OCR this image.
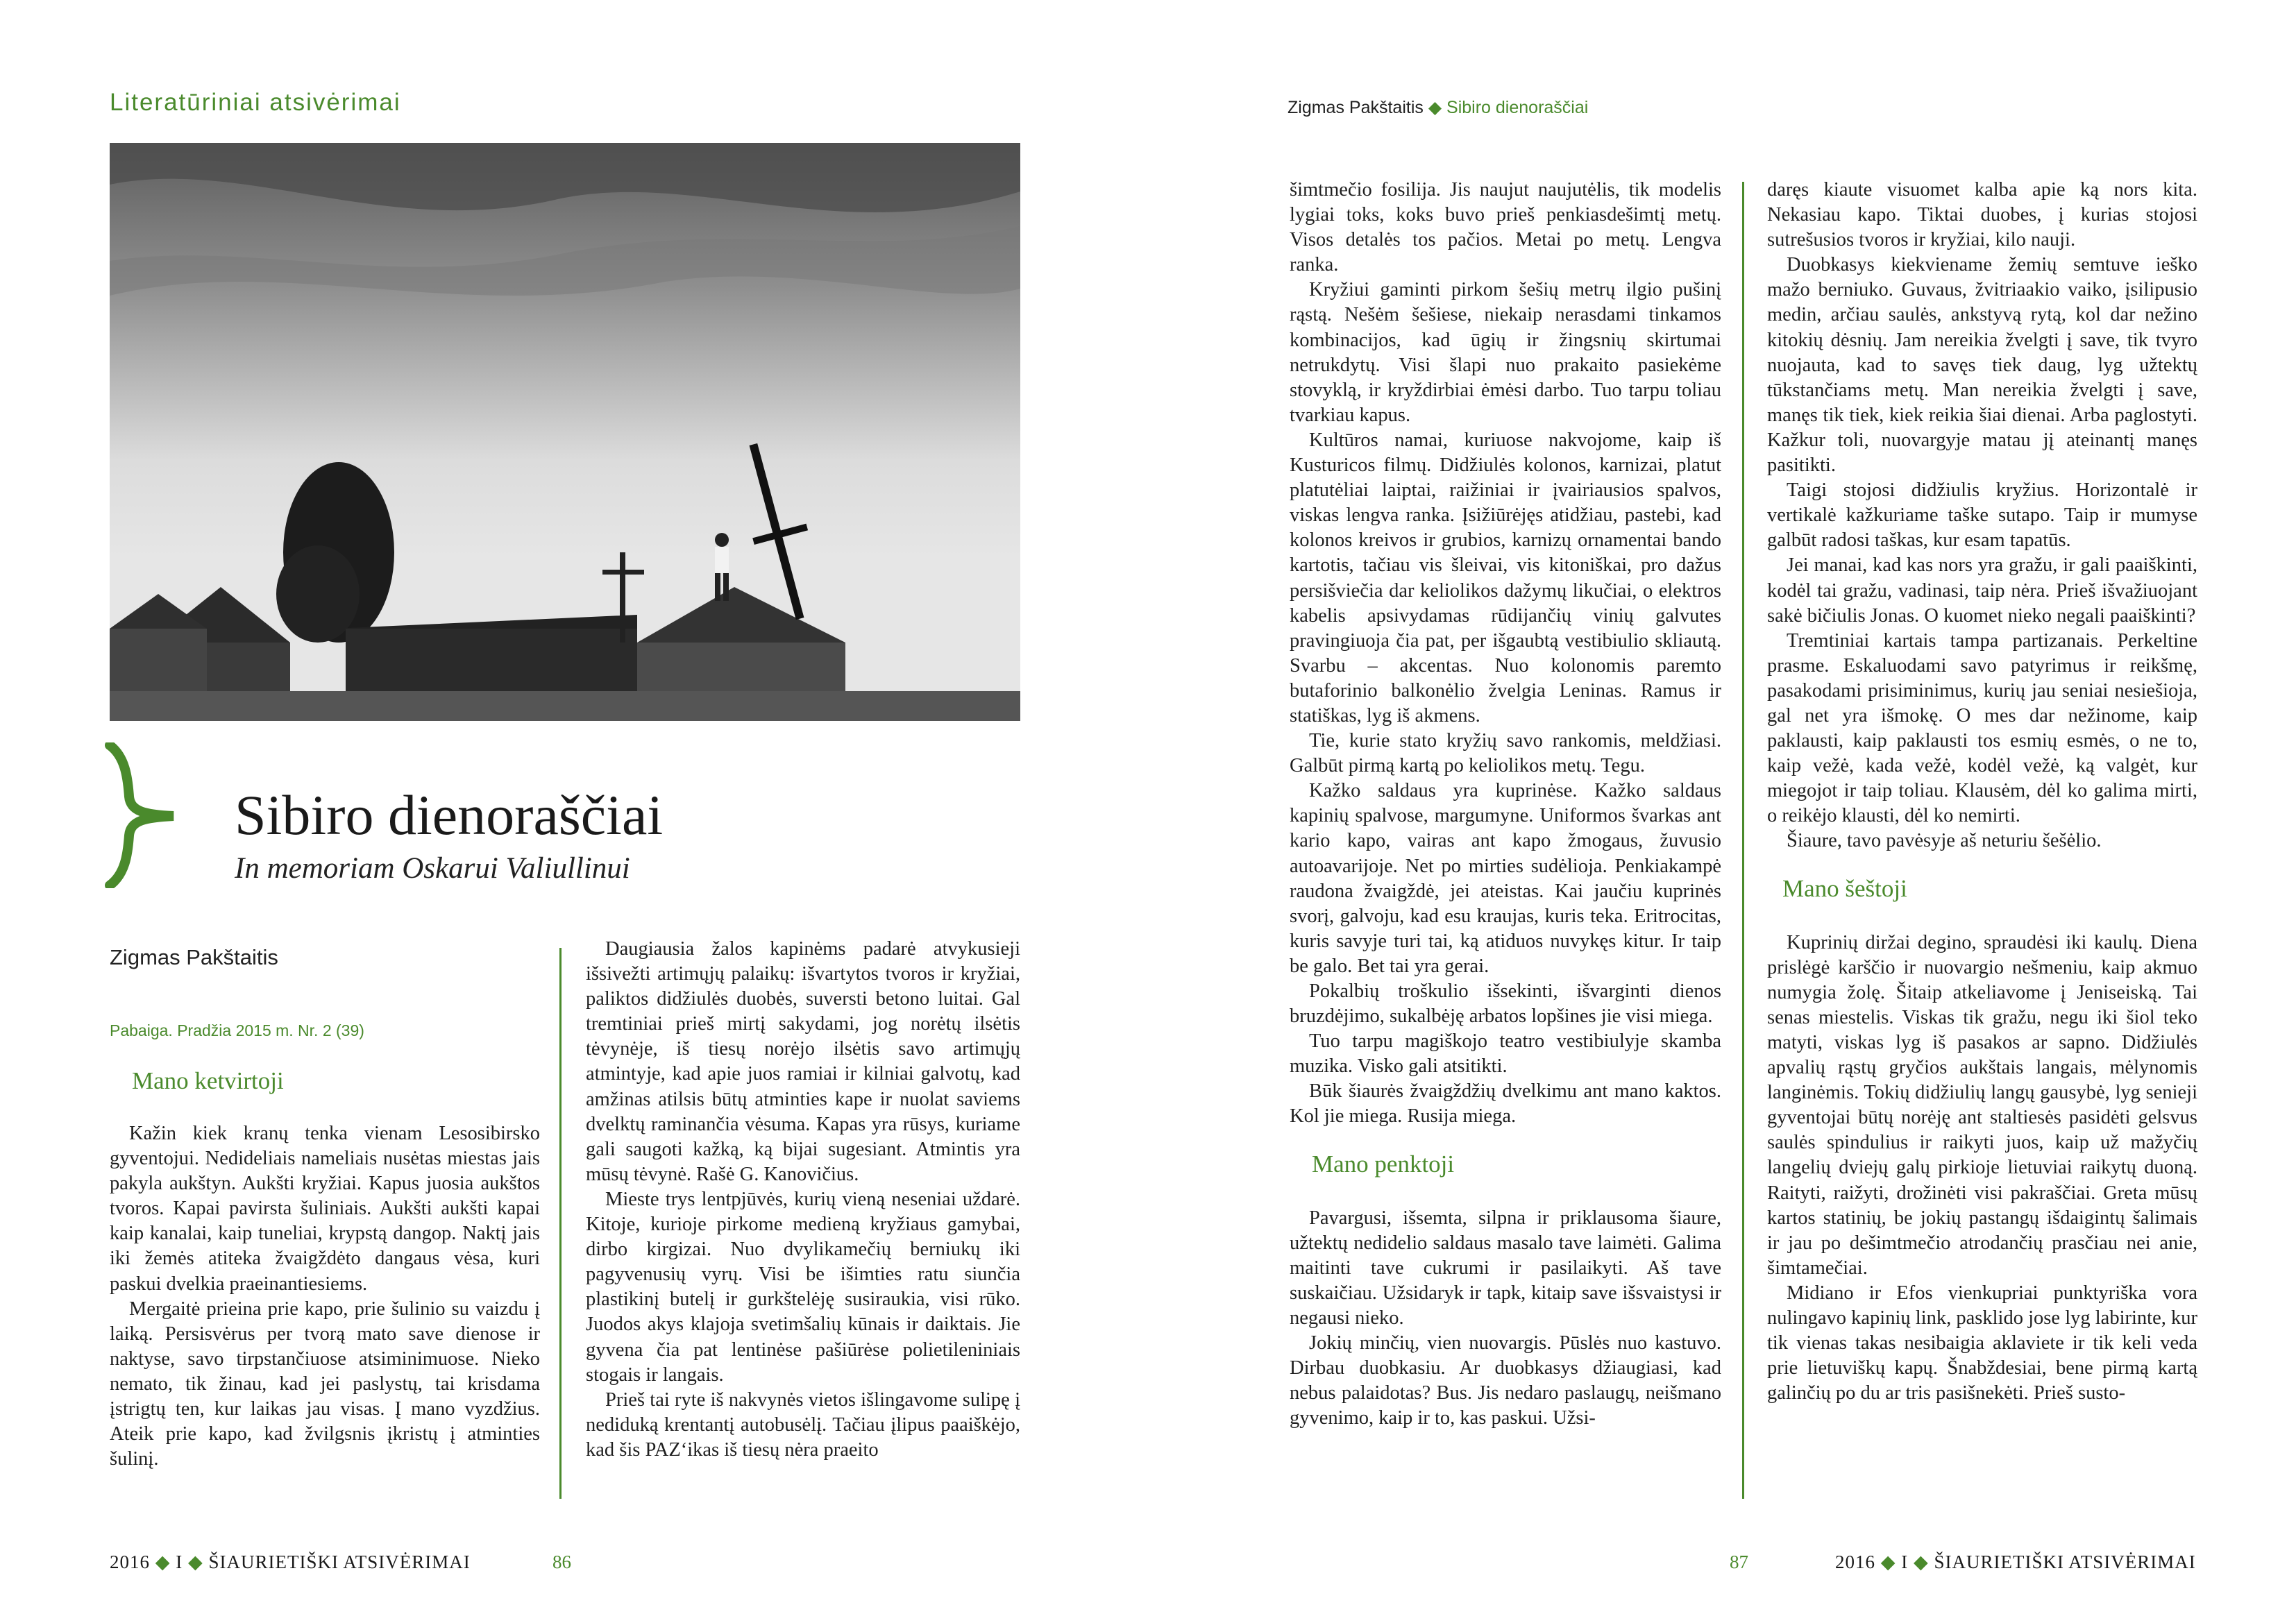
Literatūriniai atsivėrimai	Zigmas Pakštaitis ◆ Sibiro dienoraščiai
Sibiro dienoraščiai
In memoriam Oskarui Valiullinui
Zigmas Pakštaitis
Pabaiga. Pradžia 2015 m. Nr. 2 (39)
Mano ketvirtoji

Kažin kiek kranų tenka vienam Lesosibirsko gyventojui. Nedideliais nameliais nusėtas miestas jais pakyla aukštyn. Aukšti kryžiai. Kapus juosia aukštos tvoros. Kapai pavirsta šuliniais. Aukšti aukšti kapai kaip kanalai, kaip tuneliai, krypstą dangop. Naktį jais iki žemės atiteka žvaigždėto dangaus vėsa, kuri paskui dvelkia praeinantiesiems.

Mergaitė prieina prie kapo, prie šulinio su vaizdu į laiką. Persisvėrus per tvorą mato save dienose ir naktyse, savo tirpstančiuose atsiminimuose. Nieko nemato, tik žinau, kad jei paslystų, tai krisdama įstrigtų ten, kur laikas jau visas. Į mano vyzdžius. Ateik prie kapo, kad žvilgsnis įkristų į atminties šulinį.

Daugiausia žalos kapinėms padarė atvykusieji išsivežti artimųjų palaikų: išvartytos tvoros ir kryžiai, paliktos didžiulės duobės, suversti betono luitai. Gal tremtiniai prieš mirtį sakydami, jog norėtų ilsėtis tėvynėje, iš tiesų norėjo ilsėtis savo artimųjų atmintyje, kad apie juos ramiai ir kilniai galvotų, kad amžinas atilsis būtų atminties kape ir nuolat saviems dvelktų raminančia vėsuma. Kapas yra rūsys, kuriame gali saugoti kažką, ką bijai sugesiant. Atmintis yra mūsų tėvynė. Rašė G. Kanovičius.

Mieste trys lentpjūvės, kurių vieną neseniai uždarė. Kitoje, kurioje pirkome medieną kryžiaus gamybai, dirbo kirgizai. Nuo dvylikamečių berniukų iki pagyvenusių vyrų. Visi be išimties ratu siunčia plastikinį butelį ir gurkštelėję susiraukia, visi rūko. Juodos akys klajoja svetimšalių kūnais ir daiktais. Jie gyvena čia pat lentinėse pašiūrėse polietileniniais stogais ir langais.

Prieš tai ryte iš nakvynės vietos išlingavome sulipę į nediduką krentantį autobusėlį. Tačiau įlipus paaiškėjo, kad šis PAZ‘ikas iš tiesų nėra praeito

šimtmečio fosilija. Jis naujut naujutėlis, tik modelis lygiai toks, koks buvo prieš penkiasdešimtį metų. Visos detalės tos pačios. Metai po metų. Lengva ranka.

Kryžiui gaminti pirkom šešių metrų ilgio pušinį rąstą. Nešėm šešiese, niekaip nerasdami tinkamos kombinacijos, kad ūgių ir žingsnių skirtumai netrukdytų. Visi šlapi nuo prakaito pasiekėme stovyklą, ir kryždirbiai ėmėsi darbo. Tuo tarpu toliau tvarkiau kapus.

Kultūros namai, kuriuose nakvojome, kaip iš Kusturicos filmų. Didžiulės kolonos, karnizai, platut platutėliai laiptai, raižiniai ir įvairiausios spalvos, viskas lengva ranka. Įsižiūrėjęs atidžiau, pastebi, kad kolonos kreivos ir grubios, karnizų ornamentai bando kartotis, tačiau vis šleivai, vis kitoniškai, pro dažus persišviečia dar keliolikos dažymų likučiai, o elektros kabelis apsivydamas rūdijančių vinių galvutes pravingiuoja čia pat, per išgaubtą vestibiulio skliautą. Svarbu – akcentas. Nuo kolonomis paremto butaforinio balkonėlio žvelgia Leninas. Ramus ir statiškas, lyg iš akmens.

Tie, kurie stato kryžių savo rankomis, meldžiasi. Galbūt pirmą kartą po keliolikos metų. Tegu.

Kažko saldaus yra kuprinėse. Kažko saldaus kapinių spalvose, margumyne. Uniformos švarkas ant kario kapo, vairas ant kapo žmogaus, žuvusio autoavarijoje. Net po mirties sudėlioja. Penkiakampė raudona žvaigždė, jei ateistas. Kai jaučiu kuprinės svorį, galvoju, kad esu kraujas, kuris teka. Eritrocitas, kuris savyje turi tai, ką atiduos nuvykęs kitur. Ir taip be galo. Bet tai yra gerai.

Pokalbių troškulio išsekinti, išvarginti dienos bruzdėjimo, sukalbėję arbatos lopšines jie visi miega.

Tuo tarpu magiškojo teatro vestibiulyje skamba muzika. Visko gali atsitikti.

Būk šiaurės žvaigždžių dvelkimu ant mano kaktos. Kol jie miega. Rusija miega.

Mano penktoji

Pavargusi, išsemta, silpna ir priklausoma šiaure, užtektų nedidelio saldaus masalo tave laimėti. Galima maitinti tave cukrumi ir pasilaikyti. Aš tave suskaičiau. Užsidaryk ir tapk, kitaip save išsvaistysi ir negausi nieko.

Jokių minčių, vien nuovargis. Pūslės nuo kastuvo. Dirbau duobkasiu. Ar duobkasys džiaugiasi, kad nebus palaidotas? Bus. Jis nedaro paslaugų, neišmano gyvenimo, kaip ir to, kas paskui. Užsi-

daręs kiaute visuomet kalba apie ką nors kita. Nekasiau kapo. Tiktai duobes, į kurias stojosi sutrešusios tvoros ir kryžiai, kilo nauji.

Duobkasys kiekviename žemių semtuve ieško mažo berniuko. Guvaus, žvitriaakio vaiko, įsilipusio medin, arčiau saulės, ankstyvą rytą, kol dar nežino kitokių dėsnių. Jam nereikia žvelgti į save, tik tvyro nuojauta, kad to savęs tiek daug, lyg užtektų tūkstančiams metų. Man nereikia žvelgti į save, manęs tik tiek, kiek reikia šiai dienai. Arba paglostyti. Kažkur toli, nuovargyje matau jį ateinantį manęs pasitikti.

Taigi stojosi didžiulis kryžius. Horizontalė ir vertikalė kažkuriame taške sutapo. Taip ir mumyse galbūt radosi taškas, kur esam tapatūs.

Jei manai, kad kas nors yra gražu, ir gali paaiškinti, kodėl tai gražu, vadinasi, taip nėra. Prieš išvažiuojant sakė bičiulis Jonas. O kuomet nieko negali paaiškinti?

Tremtiniai kartais tampa partizanais. Perkeltine prasme. Eskaluodami savo patyrimus ir reikšmę, pasakodami prisiminimus, kurių jau seniai nesiešioja, gal net yra išmokę. O mes dar nežinome, kaip paklausti, kaip paklausti tos esmių esmės, o ne to, kaip vežė, kada vežė, kodėl vežė, ką valgėt, kur miegojot ir taip toliau. Klausėm, dėl ko galima mirti, o reikėjo klausti, dėl ko nemirti.

Šiaure, tavo pavėsyje aš neturiu šešėlio.

Mano šeštoji

Kuprinių diržai degino, spraudėsi iki kaulų. Diena prislėgė karščio ir nuovargio nešmeniu, kaip akmuo numygia žolę. Šitaip atkeliavome į Jeniseiską. Tai senas miestelis. Viskas tik gražu, negu iki šiol teko matyti, viskas lyg iš pasakos ar sapno. Didžiulės apvalių rąstų gryčios aukštais langais, mėlynomis langinėmis. Tokių didžiulių langų gausybė, lyg senieji gyventojai būtų norėję ant staltiesės pasidėti gelsvus saulės spindulius ir raikyti juos, kaip už mažyčių langelių dviejų galų pirkioje lietuviai raikytų duoną. Raityti, raižyti, drožinėti visi pakraščiai. Greta mūsų kartos statinių, be jokių pastangų išdaigintų šalimais ir jau po dešimtmečio atrodančių prasčiau nei anie, šimtamečiai.

Midiano ir Efos vienkupriai punktyriška vora nulingavo kapinių link, pasklido jose lyg labirinte, kur tik vienas takas nesibaigia aklaviete ir tik keli veda prie lietuviškų kapų. Šnabždesiai, bene pirmą kartą galinčių po du ar tris pasišnekėti. Prieš susto-

2016 ◆ I ◆ ŠIAURIETIŠKI ATSIVĖRIMAI	86	87	2016 ◆ I ◆ ŠIAURIETIŠKI ATSIVĖRIMAI
